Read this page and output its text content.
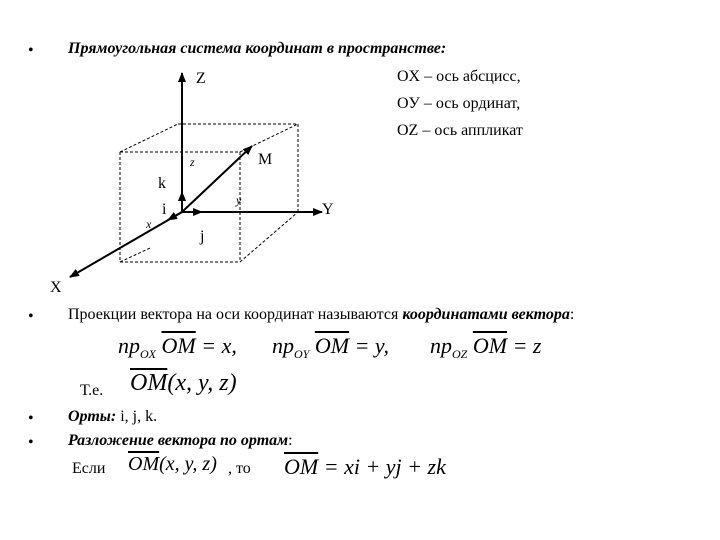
• Прямоугольная система координат в пространстве:
OX – ось абсцисс,
OУ – ось ординат,
OZ – ось аппликат
Z
Y
X
M
k
i
j
z
y
x
• Проекции вектора на оси координат называются координатами вектора:
$np_{OX}$ $\overline{OM} = x$, $np_{OY}$ $\overline{OM} = y$, $np_{OZ}$ $\overline{OM} = z$
Т.е. $\overline{OM}(x$, y, z)
• Орты: i, j, k.
• Разложение вектора по ортам:
Если $\overline{OM}(x$, y, z) , то $\overline{OM}$ = xi + yj + zk
